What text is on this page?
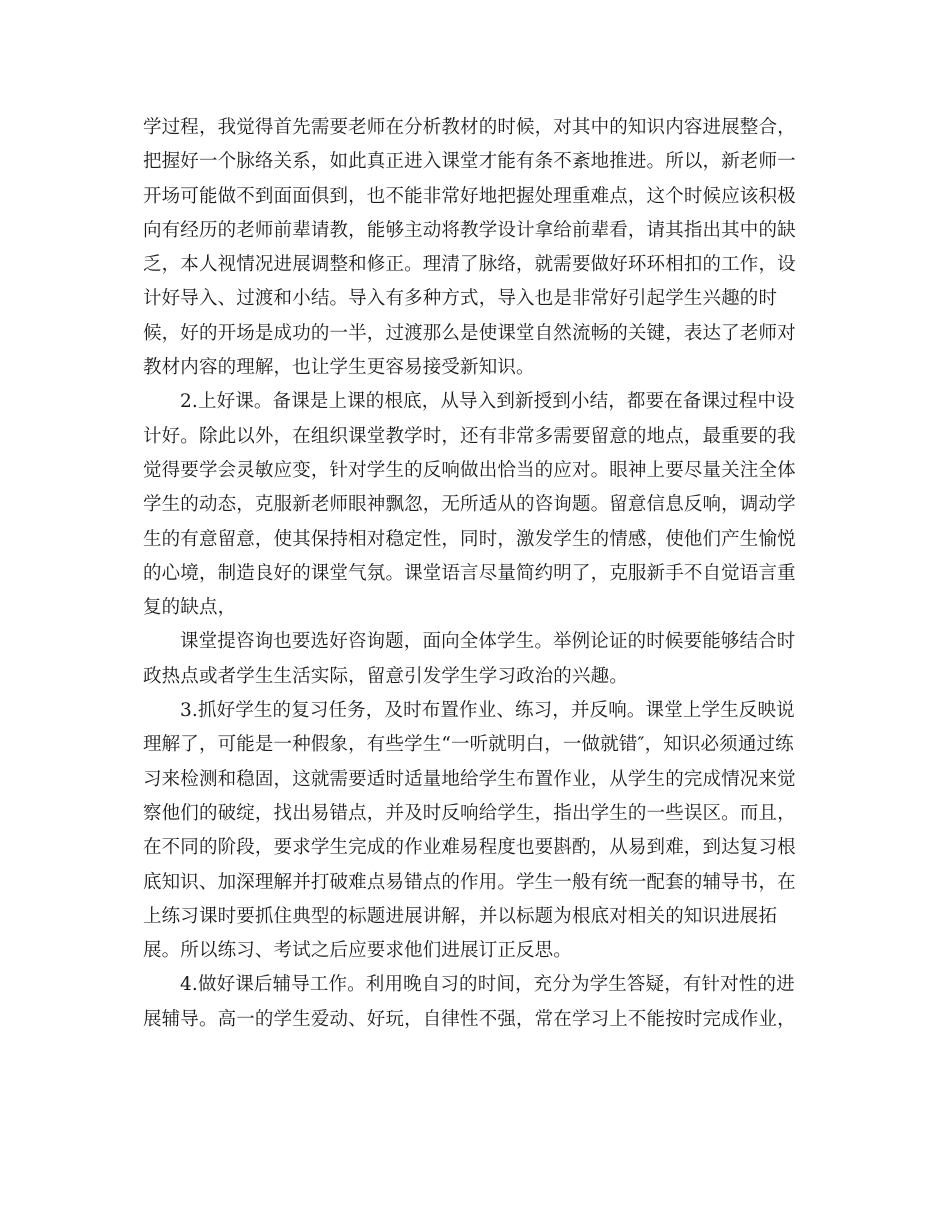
学过程，我觉得首先需要老师在分析教材的时候，对其中的知识内容进展整合，
把握好一个脉络关系，如此真正进入课堂才能有条不紊地推进。所以，新老师一
开场可能做不到面面俱到，也不能非常好地把握处理重难点，这个时候应该积极
向有经历的老师前辈请教，能够主动将教学设计拿给前辈看，请其指出其中的缺
乏，本人视情况进展调整和修正。理清了脉络，就需要做好环环相扣的工作，设
计好导入、过渡和小结。导入有多种方式，导入也是非常好引起学生兴趣的时
候，好的开场是成功的一半，过渡那么是使课堂自然流畅的关键，表达了老师对
教材内容的理解，也让学生更容易接受新知识。
2.上好课。备课是上课的根底，从导入到新授到小结，都要在备课过程中设
计好。除此以外，在组织课堂教学时，还有非常多需要留意的地点，最重要的我
觉得要学会灵敏应变，针对学生的反响做出恰当的应对。眼神上要尽量关注全体
学生的动态，克服新老师眼神飘忽，无所适从的咨询题。留意信息反响，调动学
生的有意留意，使其保持相对稳定性，同时，激发学生的情感，使他们产生愉悦
的心境，制造良好的课堂气氛。课堂语言尽量简约明了，克服新手不自觉语言重
复的缺点，
课堂提咨询也要选好咨询题，面向全体学生。举例论证的时候要能够结合时
政热点或者学生生活实际，留意引发学生学习政治的兴趣。
3.抓好学生的复习任务，及时布置作业、练习，并反响。课堂上学生反映说
理解了，可能是一种假象，有些学生“一听就明白，一做就错″，知识必须通过练
习来检测和稳固，这就需要适时适量地给学生布置作业，从学生的完成情况来觉
察他们的破绽，找出易错点，并及时反响给学生，指出学生的一些误区。而且，
在不同的阶段，要求学生完成的作业难易程度也要斟酌，从易到难，到达复习根
底知识、加深理解并打破难点易错点的作用。学生一般有统一配套的辅导书，在
上练习课时要抓住典型的标题进展讲解，并以标题为根底对相关的知识进展拓
展。所以练习、考试之后应要求他们进展订正反思。
4.做好课后辅导工作。利用晚自习的时间，充分为学生答疑，有针对性的进
展辅导。高一的学生爱动、好玩，自律性不强，常在学习上不能按时完成作业，
